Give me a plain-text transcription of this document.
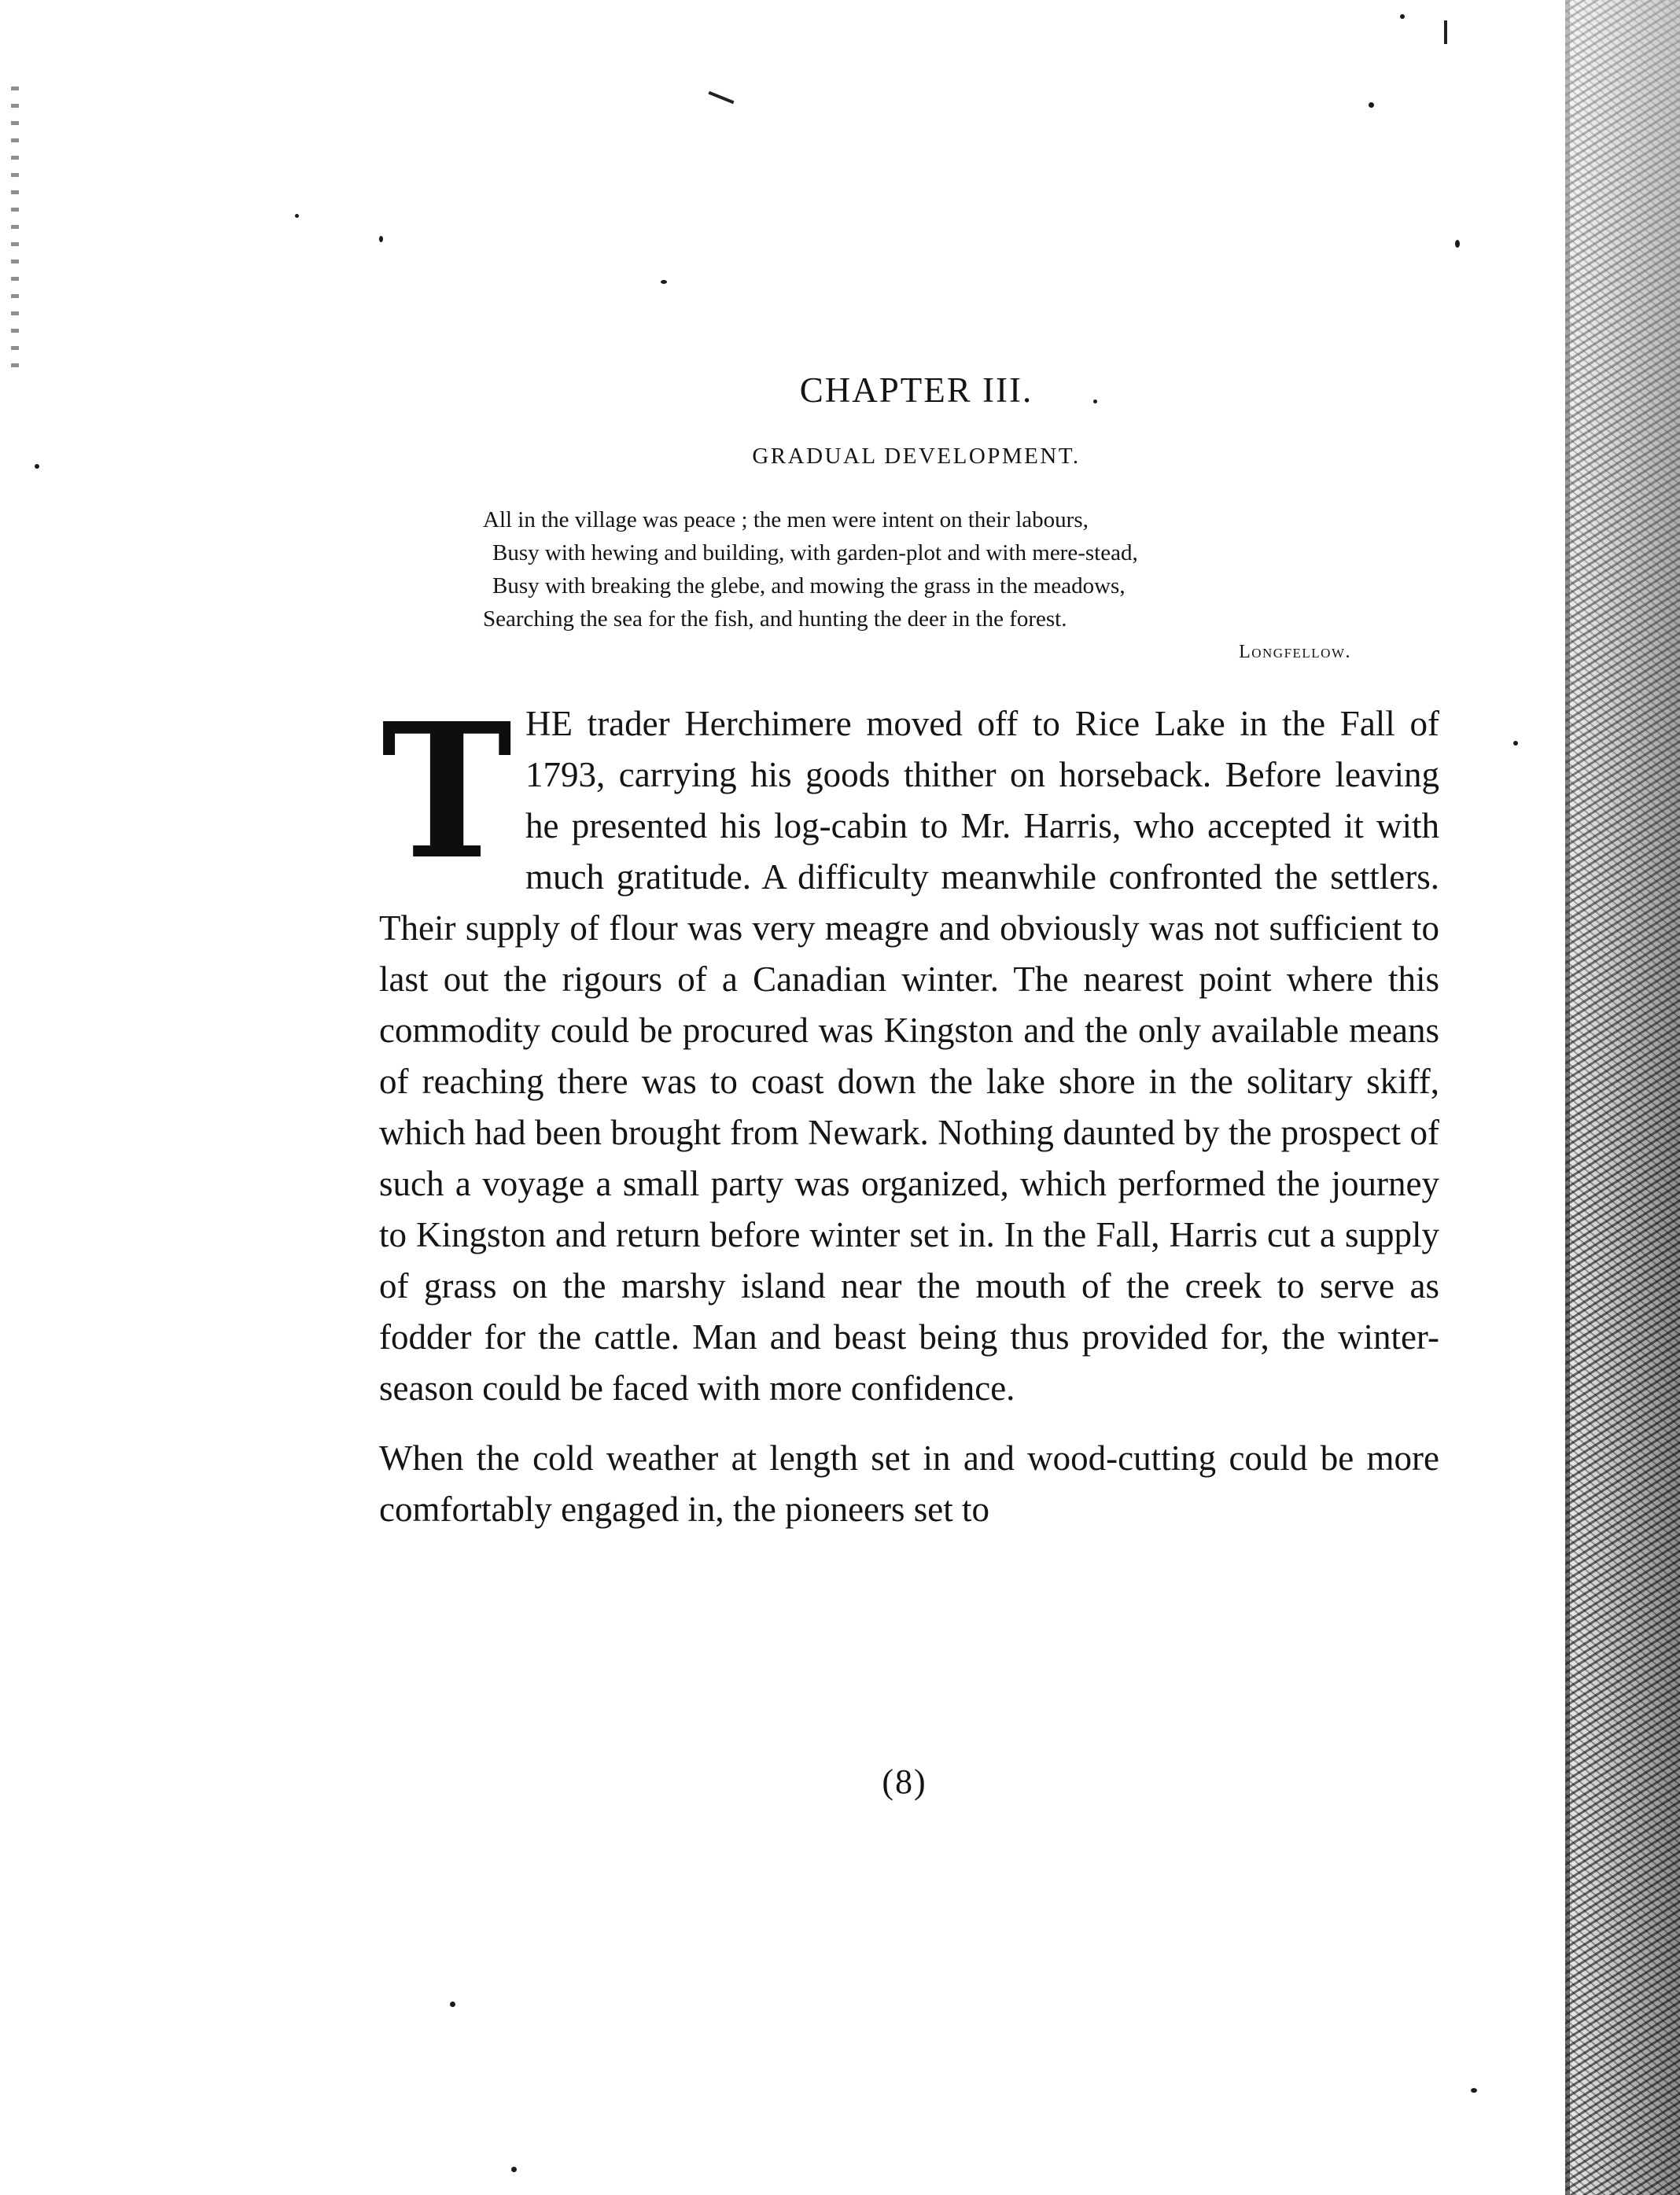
CHAPTER III.
GRADUAL DEVELOPMENT.
All in the village was peace ; the men were intent on their labours,
Busy with hewing and building, with garden-plot and with mere-stead,
Busy with breaking the glebe, and mowing the grass in the meadows,
Searching the sea for the fish, and hunting the deer in the forest.
Longfellow.

THE trader Herchimere moved off to Rice Lake in the Fall of 1793, carrying his goods thither on horseback. Before leaving he presented his log-cabin to Mr. Harris, who accepted it with much gratitude. A difficulty meanwhile confronted the settlers. Their supply of flour was very meagre and obviously was not sufficient to last out the rigours of a Canadian winter. The nearest point where this commodity could be procured was Kingston and the only available means of reaching there was to coast down the lake shore in the solitary skiff, which had been brought from Newark. Nothing daunted by the prospect of such a voyage a small party was organized, which performed the journey to Kingston and return before winter set in. In the Fall, Harris cut a supply of grass on the marshy island near the mouth of the creek to serve as fodder for the cattle. Man and beast being thus provided for, the winter-season could be faced with more confidence.

When the cold weather at length set in and wood-cutting could be more comfortably engaged in, the pioneers set to

(8)
